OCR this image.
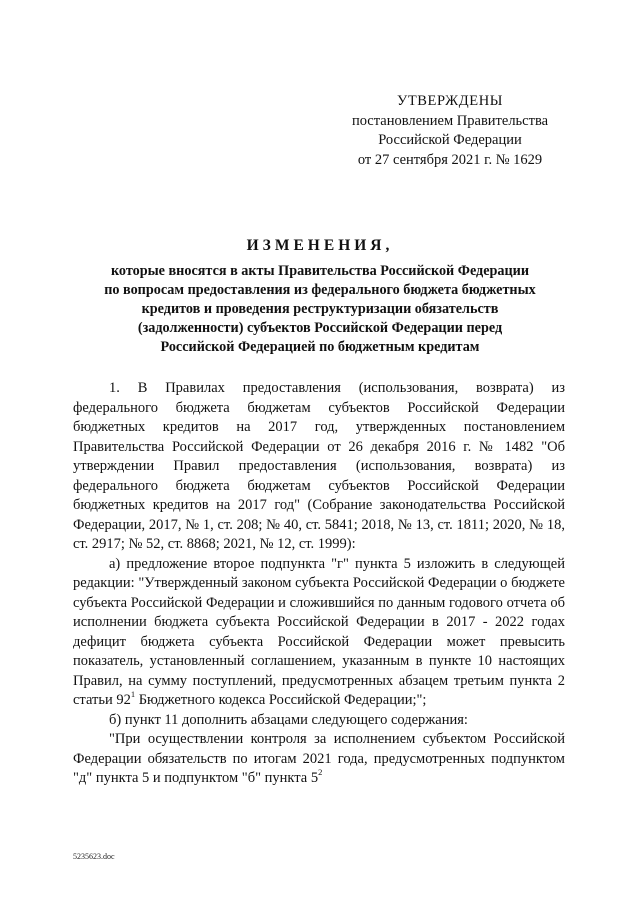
УТВЕРЖДЕНЫ
постановлением Правительства
Российской Федерации
от 27 сентября 2021 г. № 1629
ИЗМЕНЕНИЯ,
которые вносятся в акты Правительства Российской Федерации
по вопросам предоставления из федерального бюджета бюджетных
кредитов и проведения реструктуризации обязательств
(задолженности) субъектов Российской Федерации перед
Российской Федерацией по бюджетным кредитам

1. В Правилах предоставления (использования, возврата) из федерального бюджета бюджетам субъектов Российской Федерации бюджетных кредитов на 2017 год, утвержденных постановлением Правительства Российской Федерации от 26 декабря 2016 г. № 1482 "Об утверждении Правил предоставления (использования, возврата) из федерального бюджета бюджетам субъектов Российской Федерации бюджетных кредитов на 2017 год" (Собрание законодательства Российской Федерации, 2017, № 1, ст. 208; № 40, ст. 5841; 2018, № 13, ст. 1811; 2020, № 18, ст. 2917; № 52, ст. 8868; 2021, № 12, ст. 1999):

а) предложение второе подпункта "г" пункта 5 изложить в следующей редакции: "Утвержденный законом субъекта Российской Федерации о бюджете субъекта Российской Федерации и сложившийся по данным годового отчета об исполнении бюджета субъекта Российской Федерации в 2017 - 2022 годах дефицит бюджета субъекта Российской Федерации может превысить показатель, установленный соглашением, указанным в пункте 10 настоящих Правил, на сумму поступлений, предусмотренных абзацем третьим пункта 2 статьи $92^1$ Бюджетного кодекса Российской Федерации;";

б) пункт 11 дополнить абзацами следующего содержания:

"При осуществлении контроля за исполнением субъектом Российской Федерации обязательств по итогам 2021 года, предусмотренных подпунктом "д" пункта 5 и подпунктом "б" пункта $5^2$

5235623.doc
